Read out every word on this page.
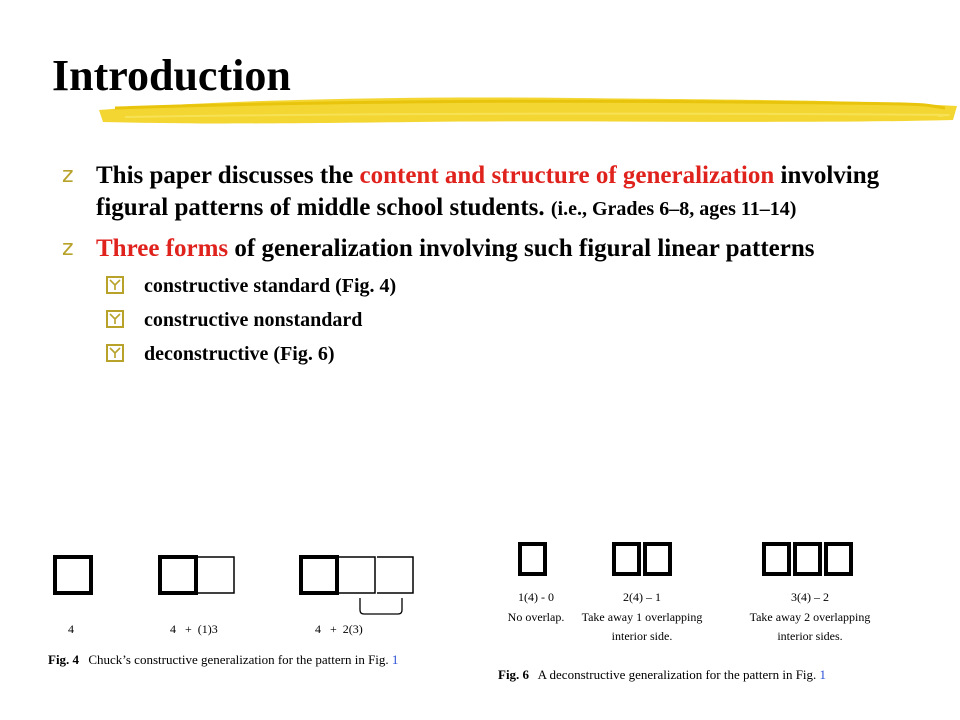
Introduction
z This paper discusses the content and structure of generalization involving figural patterns of middle school students. (i.e., Grades 6–8, ages 11–14)
z Three forms of generalization involving such figural linear patterns
constructive standard (Fig. 4)
constructive nonstandard
deconstructive (Fig. 6)
4	4   +  (1)3	4   +  2(3)
Fig. 4 Chuck’s constructive generalization for the pattern in Fig. 1
1(4) - 0
No overlap.
2(4) – 1
Take away 1 overlapping
interior side.
3(4) – 2
Take away 2 overlapping
interior sides.
Fig. 6 A deconstructive generalization for the pattern in Fig. 1
